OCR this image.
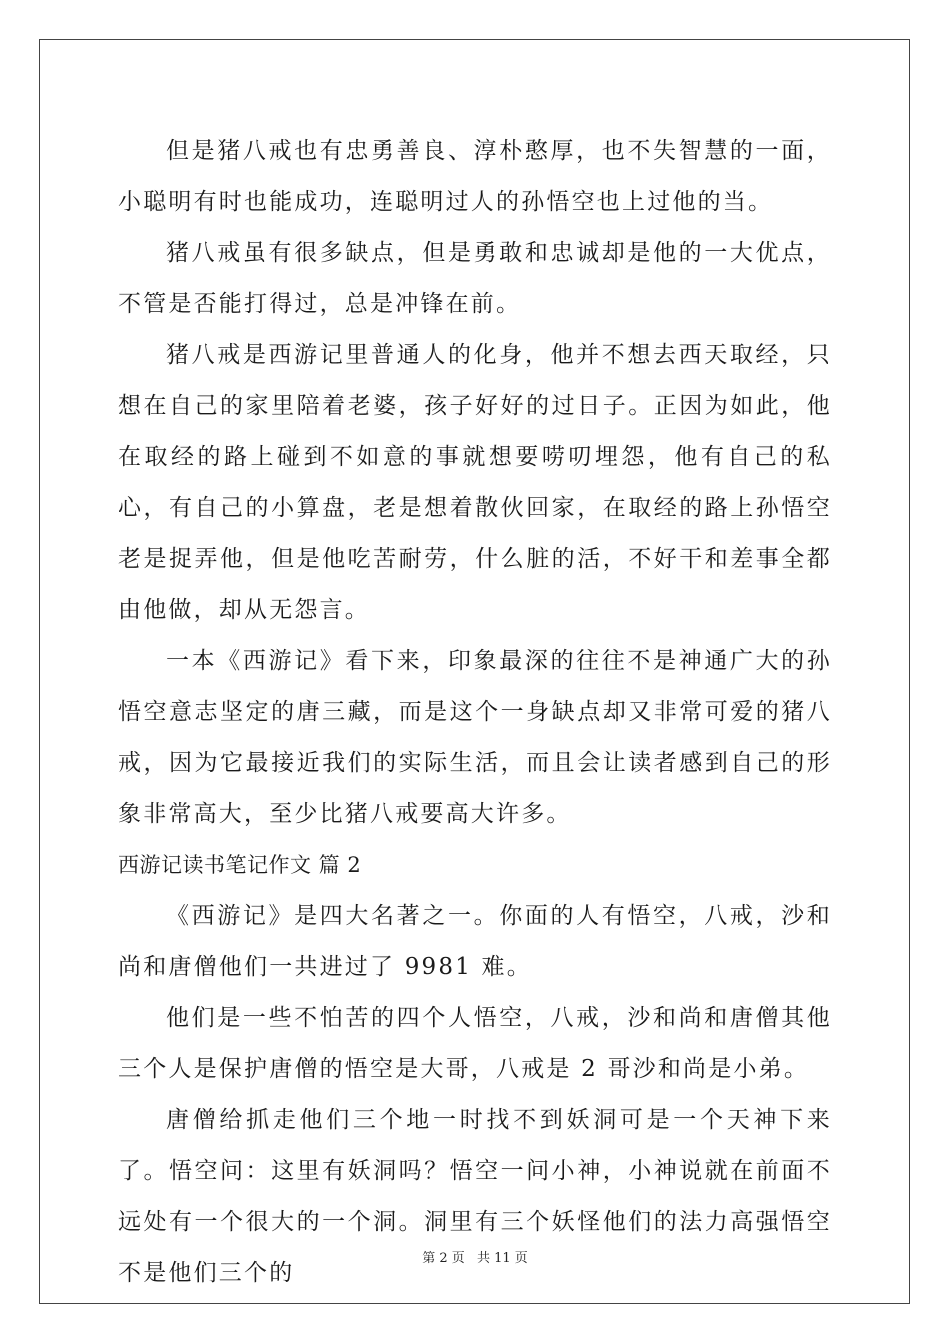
但是猪八戒也有忠勇善良、淳朴憨厚，也不失智慧的一面，小聪明有时也能成功，连聪明过人的孙悟空也上过他的当。

猪八戒虽有很多缺点，但是勇敢和忠诚却是他的一大优点，不管是否能打得过，总是冲锋在前。

猪八戒是西游记里普通人的化身，他并不想去西天取经，只想在自己的家里陪着老婆，孩子好好的过日子。正因为如此，他在取经的路上碰到不如意的事就想要唠叨埋怨，他有自己的私心，有自己的小算盘，老是想着散伙回家，在取经的路上孙悟空老是捉弄他，但是他吃苦耐劳，什么脏的活，不好干和差事全都由他做，却从无怨言。

一本《西游记》看下来，印象最深的往往不是神通广大的孙悟空意志坚定的唐三藏，而是这个一身缺点却又非常可爱的猪八戒，因为它最接近我们的实际生活，而且会让读者感到自己的形象非常高大，至少比猪八戒要高大许多。

西游记读书笔记作文 篇 2

《西游记》是四大名著之一。你面的人有悟空，八戒，沙和尚和唐僧他们一共进过了 9981 难。

他们是一些不怕苦的四个人悟空，八戒，沙和尚和唐僧其他三个人是保护唐僧的悟空是大哥，八戒是 2 哥沙和尚是小弟。

唐僧给抓走他们三个地一时找不到妖洞可是一个天神下来了。悟空问：这里有妖洞吗？悟空一问小神，小神说就在前面不远处有一个很大的一个洞。洞里有三个妖怪他们的法力高强悟空不是他们三个的

第 2 页 共 11 页
